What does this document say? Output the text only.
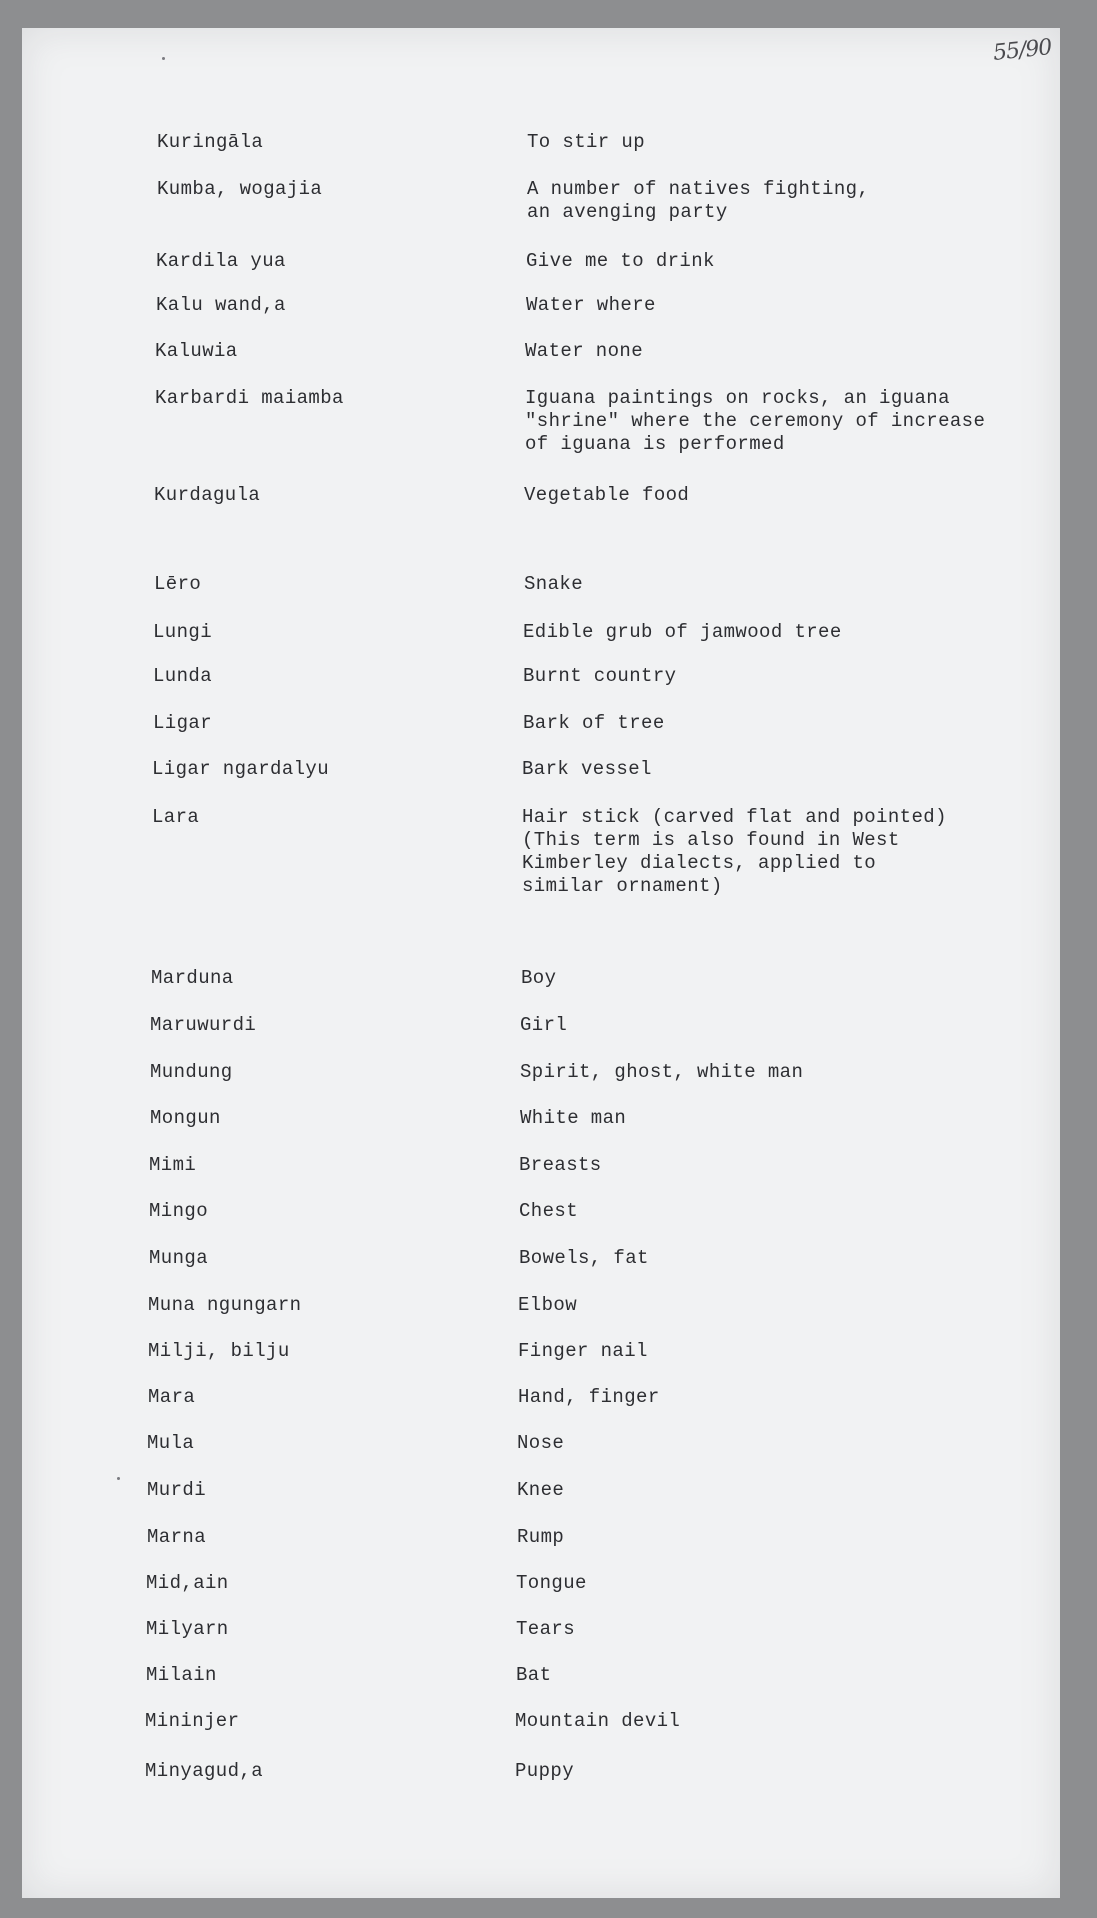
55/90
Kuringāla	To stir up
Kumba, wogajia	A number of natives fighting,
an avenging party
Kardila yua	Give me to drink
Kalu wand,a	Water where
Kaluwia	Water none
Karbardi maiamba	Iguana paintings on rocks, an iguana
"shrine" where the ceremony of increase
of iguana is performed
Kurdagula	Vegetable food
Lēro	Snake
Lungi	Edible grub of jamwood tree
Lunda	Burnt country
Ligar	Bark of tree
Ligar ngardalyu	Bark vessel
Lara	Hair stick (carved flat and pointed)
(This term is also found in West
Kimberley dialects, applied to
similar ornament)
Marduna	Boy
Maruwurdi	Girl
Mundung	Spirit, ghost, white man
Mongun	White man
Mimi	Breasts
Mingo	Chest
Munga	Bowels, fat
Muna ngungarn	Elbow
Milji, bilju	Finger nail
Mara	Hand, finger
Mula	Nose
Murdi	Knee
Marna	Rump
Mid,ain	Tongue
Milyarn	Tears
Milain	Bat
Mininjer	Mountain devil
Minyagud,a	Puppy
